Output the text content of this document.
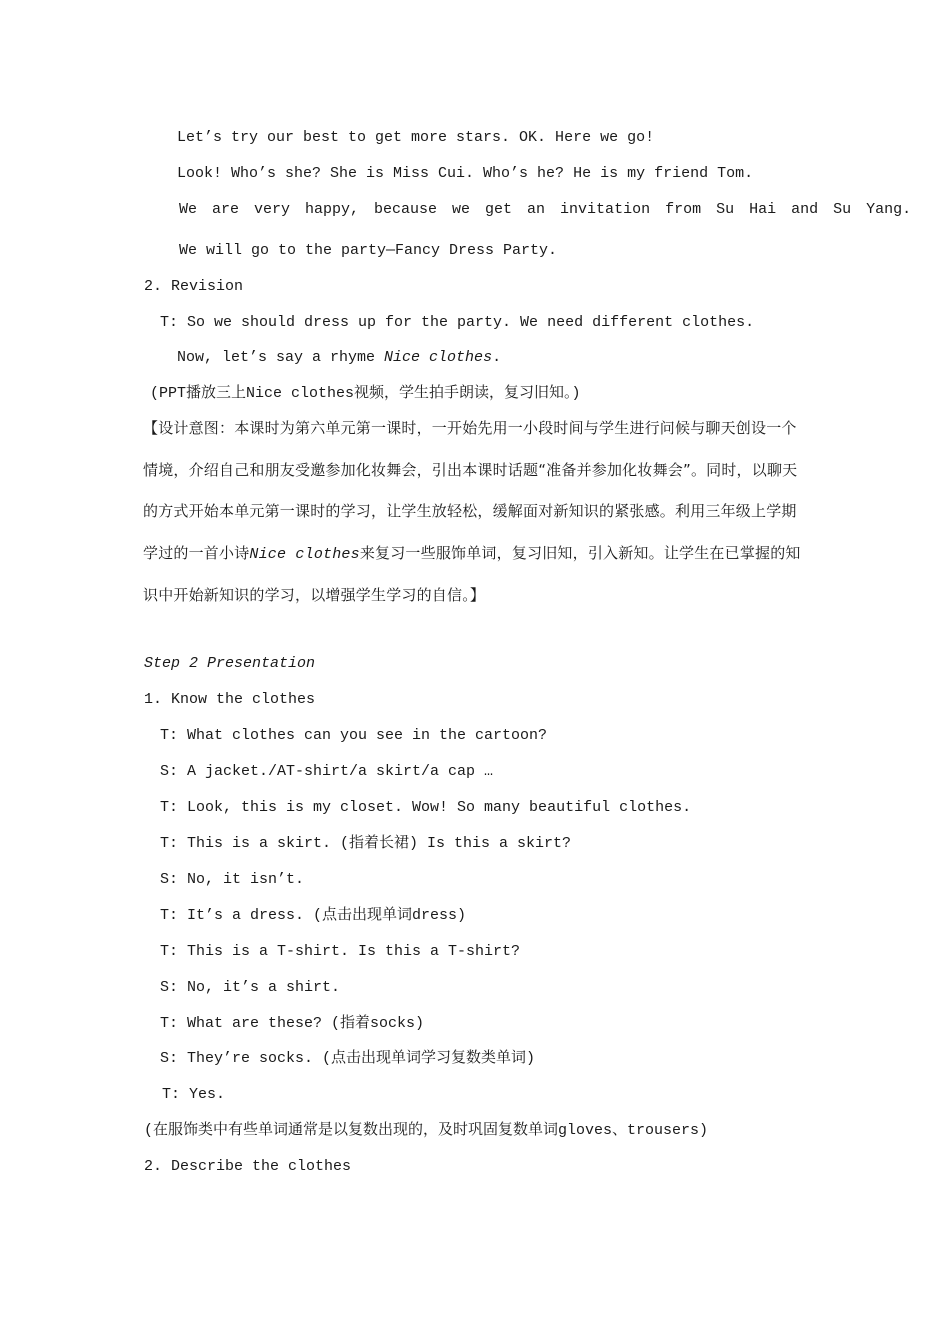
Let’s try our best to get more stars. OK. Here we go!
Look! Who’s she? She is Miss Cui. Who’s he? He is my friend Tom.
We are very happy, because we get an invitation from Su Hai and Su Yang.
We will go to the party—Fancy Dress Party.
2. Revision
T: So we should dress up for the party. We need different clothes.
Now, let’s say a rhyme Nice clothes.
(PPT播放三上Nice clothes视频，学生拍手朗读，复习旧知。)
【设计意图：本课时为第六单元第一课时，一开始先用一小段时间与学生进行问候与聊天创设一个情境，介绍自己和朋友受邀参加化妆舞会，引出本课时话题“准备并参加化妆舞会”。同时，以聊天的方式开始本单元第一课时的学习，让学生放轻松，缓解面对新知识的紧张感。利用三年级上学期学过的一首小诗Nice clothes来复习一些服饰单词，复习旧知，引入新知。让学生在已掌握的知识中开始新知识的学习，以增强学生学习的自信。】
Step 2 Presentation
1. Know the clothes
T: What clothes can you see in the cartoon?
S: A jacket./AT-shirt/a skirt/a cap …
T: Look, this is my closet. Wow! So many beautiful clothes.
T: This is a skirt. (指着长裙) Is this a skirt?
S: No, it isn’t.
T: It’s a dress. (点击出现单词dress)
T: This is a T-shirt. Is this a T-shirt?
S: No, it’s a shirt.
T: What are these? (指着socks)
S: They’re socks. (点击出现单词学习复数类单词)
T: Yes.
(在服饰类中有些单词通常是以复数出现的，及时巩固复数单词gloves、trousers)
2. Describe the clothes
